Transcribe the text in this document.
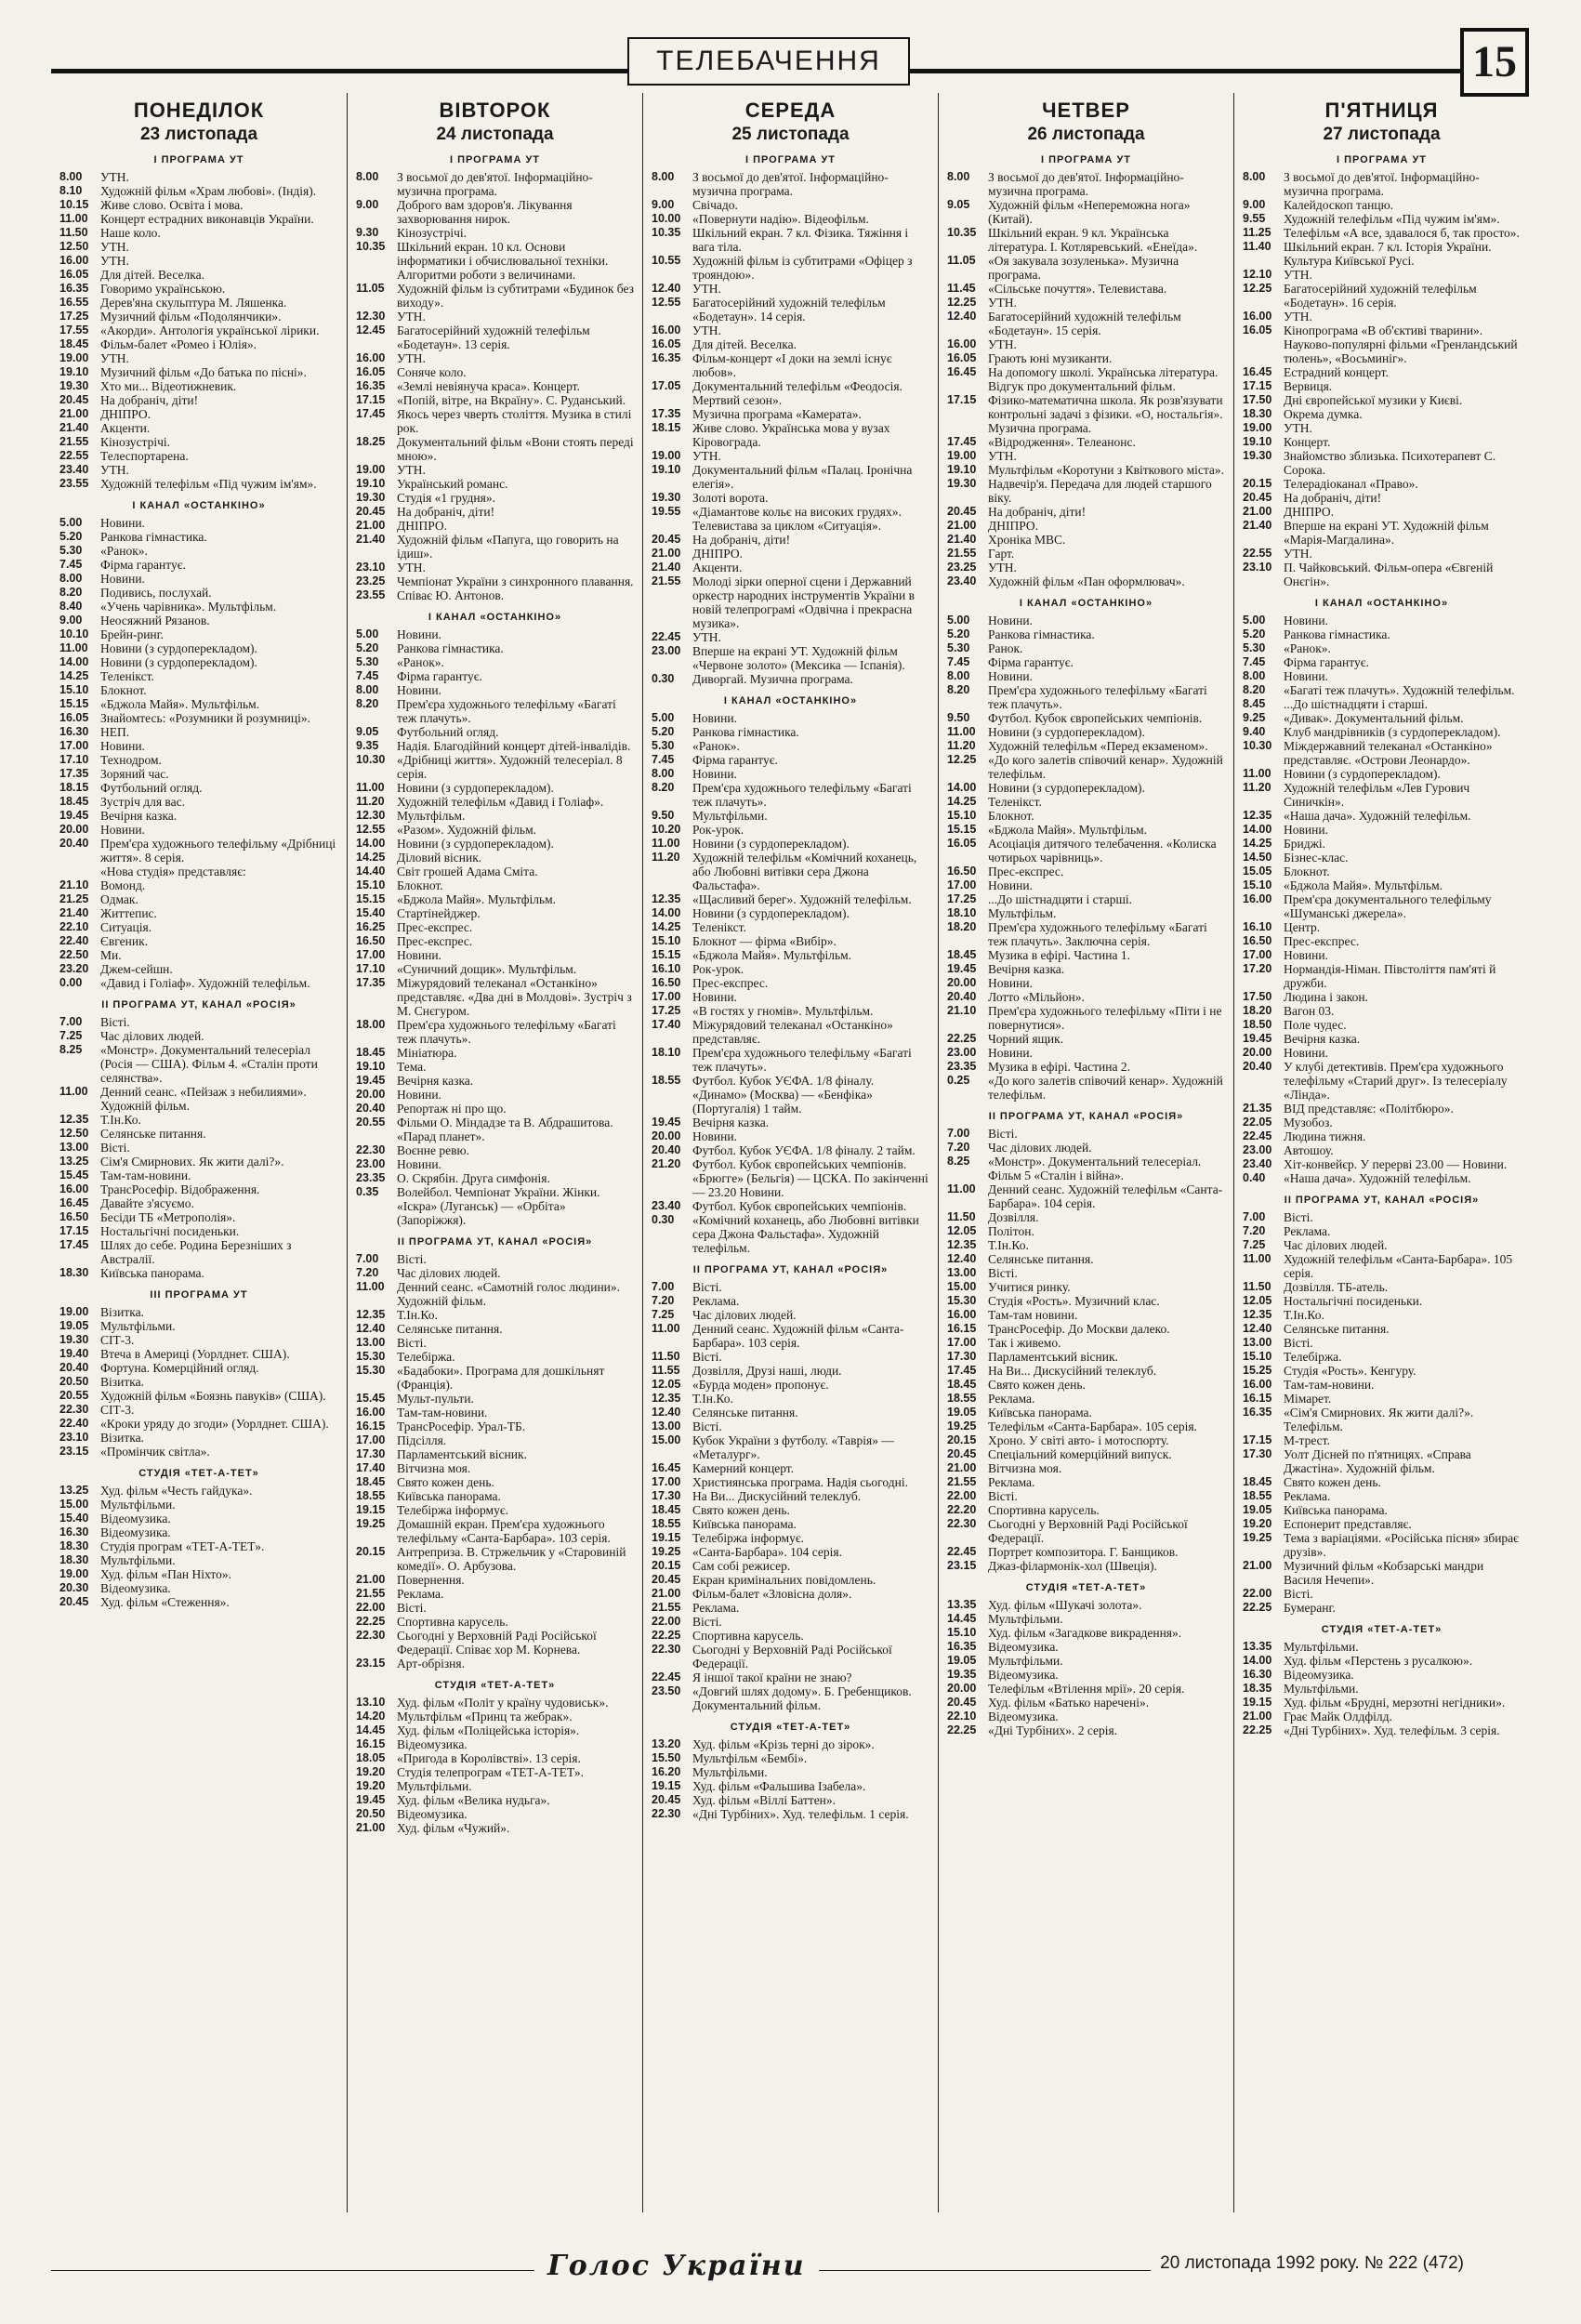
ТЕЛЕБАЧЕННЯ	15
ПОНЕДІЛОК
23 листопада
I ПРОГРАМА УТ
8.00	УТН.
8.10	Художній фільм «Храм любові». (Індія).
10.15 Живе слово. Освіта і мова.
11.00 Концерт естрадних виконавців України.
11.50 Наше коло.
12.50 УТН.
16.00 УТН.
16.05 Для дітей. Веселка.
16.35 Говоримо українською.
16.55 Дерев'яна скульптура М. Ляшенка.
17.25 Музичний фільм «Подолянчики».
17.55 «Акорди». Антологія української лірики.
18.45 Фільм-балет «Ромео і Юлія».
19.00 УТН.
19.10 Музичний фільм «До батька по пісні».
19.30 Хто ми... Відеотижневик.
20.45 На добраніч, діти!
21.00 ДНІПРО.
21.40 Акценти.
21.55 Кінозустрічі.
22.55 Телеспортарена.
23.40 УТН.
23.55 Художній телефільм «Під чужим ім'ям».
I КАНАЛ «ОСТАНКІНО»
5.00	Новини.
5.20	Ранкова гімнастика.
5.30	«Ранок».
7.45	Фірма гарантує.
8.00	Новини.
8.20	Подивись, послухай.
8.40	«Учень чарівника». Мультфільм.
9.00	Неосяжний Рязанов.
10.10 Брейн-ринг.
11.00 Новини (з сурдоперекладом).
14.00 Новини (з сурдоперекладом).
14.25 Теленікст.
15.10 Блокнот.
15.15 «Бджола Майя». Мультфільм.
16.05 Знайомтесь: «Розумники й розумниці».
16.30 НЕП.
17.00 Новини.
17.10 Технодром.
17.35 Зоряний час.
18.15 Футбольний огляд.
18.45 Зустріч для вас.
19.45 Вечірня казка.
20.00 Новини.
20.40 Прем'єра художнього телефільму «Дрібниці життя». 8 серія.
«Нова студія» представляє:
21.10 Вомонд.
21.25 Одмак.
21.40 Життепис.
22.10 Ситуація.
22.40 Євгеник.
22.50 Ми.
23.20 Джем-сейшн.
0.00	«Давид і Голіаф». Художній телефільм.
II ПРОГРАМА УТ, КАНАЛ «РОСІЯ»
7.00	Вісті.
7.25	Час ділових людей.
8.25	«Монстр». Документальний телесеріал (Росія — США). Фільм 4. «Сталін проти селянства».
11.00 Денний сеанс. «Пейзаж з небилиями». Художній фільм.
12.35 Т.Ін.Ко.
12.50 Селянське питання.
13.00 Вісті.
13.25 Сім'я Смирнових. Як жити далі?».
15.45 Там-там-новини.
16.00 ТрансРосефір. Відображення.
16.45 Давайте з'ясуємо.
16.50 Бесіди ТБ «Метрополія».
17.15 Ностальгічні посиденьки.
17.45 Шлях до себе. Родина Березніших з Австралії.
18.30 Київська панорама.
III ПРОГРАМА УТ
19.00 Візитка.
19.05 Мультфільми.
19.30 СІТ-3.
19.40 Втеча в Америці (Уорлднет. США).
20.40 Фортуна. Комерційний огляд.
20.50 Візитка.
20.55 Художній фільм «Боязнь павуків» (США).
22.30 СІТ-3.
22.40 «Кроки уряду до згоди» (Уорлднет. США).
23.10 Візитка.
23.15 «Промінчик світла».
СТУДІЯ «ТЕТ-А-ТЕТ»
13.25 Худ. фільм «Честь гайдука».
15.00 Мультфільми.
15.40 Відеомузика.
16.30 Відеомузика.
18.30 Студія програм «ТЕТ-А-ТЕТ».
18.30 Мультфільми.
19.00 Худ. фільм «Пан Ніхто».
20.30 Відеомузика.
20.45 Худ. фільм «Стеження».
ВІВТОРОК
24 листопада
I ПРОГРАМА УТ
8.00	З восьмої до дев'ятої. Інформаційно-музична програма.
9.00	Доброго вам здоров'я. Лікування захворювання нирок.
9.30	Кінозустрічі.
10.35 Шкільний екран. 10 кл. Основи інформатики і обчислювальної техніки. Алгоритми роботи з величинами.
11.05 Художній фільм із субтитрами «Будинок без виходу».
12.30 УТН.
12.45 Багатосерійний художній телефільм «Бодетаун». 13 серія.
16.00 УТН.
16.05 Соняче коло.
16.35 «Землі невіянуча краса». Концерт.
17.15 «Попій, вітре, на Вкраїну». С. Руданський.
17.45 Якось через чверть століття. Музика в стилі рок.
18.25 Документальний фільм «Вони стоять переді мною».
19.00 УТН.
19.10 Український романс.
19.30 Студія «1 грудня».
20.45 На добраніч, діти!
21.00 ДНІПРО.
21.40 Художній фільм «Папуга, що говорить на ідиш».
23.10 УТН.
23.25 Чемпіонат України з синхронного плавання.
23.55 Співає Ю. Антонов.
I КАНАЛ «ОСТАНКІНО»
5.00	Новини.
5.20	Ранкова гімнастика.
5.30	«Ранок».
7.45	Фірма гарантує.
8.00	Новини.
8.20	Прем'єра художнього телефільму «Багаті теж плачуть».
9.05	Футбольний огляд.
9.35	Надія. Благодійний концерт дітей-інвалідів.
10.30 «Дрібниці життя». Художній телесеріал. 8 серія.
11.00 Новини (з сурдоперекладом).
11.20 Художній телефільм «Давид і Голіаф».
12.30 Мультфільм.
12.55 «Разом». Художній фільм.
14.00 Новини (з сурдоперекладом).
14.25 Діловий вісник.
14.40 Світ грошей Адама Сміта.
15.10 Блокнот.
15.15 «Бджола Майя». Мультфільм.
15.40 Стартінейджер.
16.25 Прес-експрес.
16.50 Прес-експрес.
17.00 Новини.
17.10 «Суничний дощик». Мультфільм.
17.35 Міжурядовий телеканал «Останкіно» представляє. «Два дні в Молдові». Зустріч з М. Снєгуром.
18.00 Прем'єра художнього телефільму «Багаті теж плачуть».
18.45 Мініатюра.
19.10 Тема.
19.45 Вечірня казка.
20.00 Новини.
20.40 Репортаж ні про що.
20.55 Фільми О. Міндадзе та В. Абдрашитова. «Парад планет».
22.30 Воєнне ревю.
23.00 Новини.
23.35 О. Скрябін. Друга симфонія.
0.35	Волейбол. Чемпіонат України. Жінки. «Іскра» (Луганськ) — «Орбіта» (Запоріжжя).
II ПРОГРАМА УТ, КАНАЛ «РОСІЯ»
7.00	Вісті.
7.20	Час ділових людей.
11.00 Денний сеанс. «Самотній голос людини». Художній фільм.
12.35 Т.Ін.Ко.
12.40 Селянське питання.
13.00 Вісті.
15.30 Телебіржа.
15.30 «Бадабоки». Програма для дошкільнят (Франція).
15.45 Мульт-пульти.
16.00 Там-там-новини.
16.15 ТрансРосефір. Урал-ТБ.
17.00 Підсілля.
17.30 Парламентський вісник.
17.40 Вітчизна моя.
18.45 Свято кожен день.
18.55 Київська панорама.
19.15 Телебіржа інформує.
19.25 Домашній екран. Прем'єра художнього телефільму «Санта-Барбара». 103 серія.
20.15 Антреприза. В. Стржельчик у «Старовиній комедії». О. Арбузова.
21.00 Повернення.
21.55 Реклама.
22.00 Вісті.
22.25 Спортивна карусель.
22.30 Сьогодні у Верховній Раді Російської Федерації. Співає хор М. Корнева.
23.15 Арт-обрізня.
СТУДІЯ «ТЕТ-А-ТЕТ»
13.10 Худ. фільм «Політ у країну чудовиськ».
14.20 Мультфільм «Принц та жебрак».
14.45 Худ. фільм «Поліцейська історія».
16.15 Відеомузика.
18.05 «Пригода в Королівстві». 13 серія.
19.20 Студія телепрограм «ТЕТ-А-ТЕТ».
19.20 Мультфільми.
19.45 Худ. фільм «Велика нудьга».
20.50 Відеомузика.
21.00 Худ. фільм «Чужий».
СЕРЕДА
25 листопада
I ПРОГРАМА УТ
8.00	З восьмої до дев'ятої. Інформаційно-музична програма.
9.00	Свічадо.
10.00 «Повернути надію». Відеофільм.
10.35 Шкільний екран. 7 кл. Фізика. Тяжіння і вага тіла.
10.55 Художній фільм із субтитрами «Офіцер з трояндою».
12.40 УТН.
12.55 Багатосерійний художній телефільм «Бодетаун». 14 серія.
16.00 УТН.
16.05 Для дітей. Веселка.
16.35 Фільм-концерт «І доки на землі існує любов».
17.05 Документальний телефільм «Феодосія. Мертвий сезон».
17.35 Музична програма «Камерата».
18.15 Живе слово. Українська мова у вузах Кіровограда.
19.00 УТН.
19.10 Документальний фільм «Палац. Іронічна елегія».
19.30 Золоті ворота.
19.55 «Діамантове кольє на високих грудях». Телевистава за циклом «Ситуація».
20.45 На добраніч, діти!
21.00 ДНІПРО.
21.40 Акценти.
21.55 Молоді зірки оперної сцени і Державний оркестр народних інструментів України в новій телепрограмі «Одвічна і прекрасна музика».
22.45 УТН.
23.00 Вперше на екрані УТ. Художній фільм «Червоне золото» (Мексика — Іспанія).
0.30	Диворгай. Музична програма.
I КАНАЛ «ОСТАНКІНО»
5.00	Новини.
5.20	Ранкова гімнастика.
5.30	«Ранок».
7.45	Фірма гарантує.
8.00	Новини.
8.20	Прем'єра художнього телефільму «Багаті теж плачуть».
9.50	Мультфільми.
10.20 Рок-урок.
11.00 Новини (з сурдоперекладом).
11.20 Художній телефільм «Комічний коханець, або Любовні витівки сера Джона Фальстафа».
12.35 «Щасливий берег». Художній телефільм.
14.00 Новини (з сурдоперекладом).
14.25 Теленікст.
15.10 Блокнот — фірма «Вибір».
15.15 «Бджола Майя». Мультфільм.
16.10 Рок-урок.
16.50 Прес-експрес.
17.00 Новини.
17.25 «В гостях у гномів». Мультфільм.
17.40 Міжурядовий телеканал «Останкіно» представляє.
18.10 Прем'єра художнього телефільму «Багаті теж плачуть».
18.55 Футбол. Кубок УЄФА. 1/8 фіналу. «Динамо» (Москва) — «Бенфіка» (Португалія) 1 тайм.
19.45 Вечірня казка.
20.00 Новини.
20.40 Футбол. Кубок УЄФА. 1/8 фіналу. 2 тайм.
21.20 Футбол. Кубок європейських чемпіонів. «Брюгге» (Бельгія) — ЦСКА. По закінченні — 23.20 Новини.
23.40 Футбол. Кубок європейських чемпіонів.
0.30	«Комічний коханець, або Любовні витівки сера Джона Фальстафа». Художній телефільм.
II ПРОГРАМА УТ, КАНАЛ «РОСІЯ»
7.00	Вісті.
7.20	Реклама.
7.25	Час ділових людей.
11.00 Денний сеанс. Художній фільм «Санта-Барбара». 103 серія.
11.50 Вісті.
11.55 Дозвілля, Друзі наші, люди.
12.05 «Бурда моден» пропонує.
12.35 Т.Ін.Ко.
12.40 Селянське питання.
13.00 Вісті.
15.00 Кубок України з футболу. «Таврія» — «Металург».
16.45 Камерний концерт.
17.00 Християнська програма. Надія сьогодні.
17.30 На Ви... Дискусійний телеклуб.
18.45 Свято кожен день.
18.55 Київська панорама.
19.15 Телебіржа інформує.
19.25 «Санта-Барбара». 104 серія.
20.15 Сам собі режисер.
20.45 Екран кримінальних повідомлень.
21.00 Фільм-балет «Зловісна доля».
21.55 Реклама.
22.00 Вісті.
22.25 Спортивна карусель.
22.30 Сьогодні у Верховній Раді Російської Федерації.
22.45 Я іншої такої країни не знаю?
23.50 «Довгий шлях додому». Б. Гребенщиков. Документальний фільм.
СТУДІЯ «ТЕТ-А-ТЕТ»
13.20 Худ. фільм «Крізь терні до зірок».
15.50 Мультфільм «Бембі».
16.20 Мультфільми.
19.15 Худ. фільм «Фальшива Ізабела».
20.45 Худ. фільм «Віллі Баттен».
22.30 «Дні Турбіних». Худ. телефільм. 1 серія.
ЧЕТВЕР
26 листопада
I ПРОГРАМА УТ
8.00	З восьмої до дев'ятої. Інформаційно-музична програма.
9.05	Художній фільм «Непереможна нога» (Китай).
10.35 Шкільний екран. 9 кл. Українська література. І. Котляревський. «Енеїда».
11.05 «Оя закувала зозуленька». Музична програма.
11.45 «Сільське почуття». Телевистава.
12.25 УТН.
12.40 Багатосерійний художній телефільм «Бодетаун». 15 серія.
16.00 УТН.
16.05 Грають юні музиканти.
16.45 На допомогу школі. Українська література. Відгук про документальний фільм.
17.15 Фізико-математична школа. Як розв'язувати контрольні задачі з фізики. «О, ностальгія». Музична програма.
17.45 «Відродження». Телеанонс.
19.00 УТН.
19.10 Мультфільм «Коротуни з Квіткового міста».
19.30 Надвечір'я. Передача для людей старшого віку.
20.45 На добраніч, діти!
21.00 ДНІПРО.
21.40 Хроніка МВС.
21.55 Гарт.
23.25 УТН.
23.40 Художній фільм «Пан оформлювач».
I КАНАЛ «ОСТАНКІНО»
5.00	Новини.
5.20	Ранкова гімнастика.
5.30	Ранок.
7.45	Фірма гарантує.
8.00	Новини.
8.20	Прем'єра художнього телефільму «Багаті теж плачуть».
9.50	Футбол. Кубок європейських чемпіонів.
11.00 Новини (з сурдоперекладом).
11.20 Художній телефільм «Перед екзаменом».
12.25 «До кого залетів співочий кенар». Художній телефільм.
14.00 Новини (з сурдоперекладом).
14.25 Теленікст.
15.10 Блокнот.
15.15 «Бджола Майя». Мультфільм.
16.05 Асоціація дитячого телебачення. «Колиска чотирьох чарівниць».
16.50 Прес-експрес.
17.00 Новини.
17.25 ...До шістнадцяти і старші.
18.10 Мультфільм.
18.20 Прем'єра художнього телефільму «Багаті теж плачуть». Заключна серія.
18.45 Музика в ефірі. Частина 1.
19.45 Вечірня казка.
20.00 Новини.
20.40 Лотто «Мільйон».
21.10 Прем'єра художнього телефільму «Піти і не повернутися».
22.25 Чорний ящик.
23.00 Новини.
23.35 Музика в ефірі. Частина 2.
0.25	«До кого залетів співочий кенар». Художній телефільм.
II ПРОГРАМА УТ, КАНАЛ «РОСІЯ»
7.00	Вісті.
7.20	Час ділових людей.
8.25	«Монстр». Документальний телесеріал. Фільм 5 «Сталін і війна».
11.00 Денний сеанс. Художній телефільм «Санта-Барбара». 104 серія.
11.50 Дозвілля.
12.05 Політон.
12.35 Т.Ін.Ко.
12.40 Селянське питання.
13.00 Вісті.
15.00 Учитися ринку.
15.30 Студія «Рость». Музичний клас.
16.00 Там-там новини.
16.15 ТрансРосефір. До Москви далеко.
17.00 Так і живемо.
17.30 Парламентський вісник.
17.45 На Ви... Дискусійний телеклуб.
18.45 Свято кожен день.
18.55 Реклама.
19.05 Київська панорама.
19.25 Телефільм «Санта-Барбара». 105 серія.
20.15 Хроно. У світі авто- і мотоспорту.
20.45 Спеціальний комерційний випуск.
21.00 Вітчизна моя.
21.55 Реклама.
22.00 Вісті.
22.20 Спортивна карусель.
22.30 Сьогодні у Верховній Раді Російської Федерації.
22.45 Портрет композитора. Г. Банщиков.
23.15 Джаз-філармонік-хол (Швеція).
СТУДІЯ «ТЕТ-А-ТЕТ»
13.35 Худ. фільм «Шукачі золота».
14.45 Мультфільми.
15.10 Худ. фільм «Загадкове викрадення».
16.35 Відеомузика.
19.05 Мультфільми.
19.35 Відеомузика.
20.00 Телефільм «Втілення мрії». 20 серія.
20.45 Худ. фільм «Батько наречені».
22.10 Відеомузика.
22.25 «Дні Турбіних». 2 серія.
П'ЯТНИЦЯ
27 листопада
I ПРОГРАМА УТ
8.00	З восьмої до дев'ятої. Інформаційно-музична програма.
9.00	Калейдоскоп танцю.
9.55	Художній телефільм «Під чужим ім'ям».
11.25 Телефільм «А все, здавалося б, так просто».
11.40 Шкільний екран. 7 кл. Історія України. Культура Київської Русі.
12.10 УТН.
12.25 Багатосерійний художній телефільм «Бодетаун». 16 серія.
16.00 УТН.
16.05 Кінопрограма «В об'єктиві тварини». Науково-популярні фільми «Гренландський тюлень», «Восьминіг».
16.45 Естрадний концерт.
17.15 Вервиця.
17.50 Дні європейської музики у Києві.
18.30 Окрема думка.
19.00 УТН.
19.10 Концерт.
19.30 Знайомство зблизька. Психотерапевт С. Сорока.
20.15 Телерадіоканал «Право».
20.45 На добраніч, діти!
21.00 ДНІПРО.
21.40 Вперше на екрані УТ. Художній фільм «Марія-Магдалина».
22.55 УТН.
23.10 П. Чайковський. Фільм-опера «Євгеній Онєгін».
I КАНАЛ «ОСТАНКІНО»
5.00	Новини.
5.20	Ранкова гімнастика.
5.30	«Ранок».
7.45	Фірма гарантує.
8.00	Новини.
8.20	«Багаті теж плачуть». Художній телефільм.
8.45	...До шістнадцяти і старші.
9.25	«Дивак». Документальний фільм.
9.40	Клуб мандрівників (з сурдоперекладом).
10.30 Міждержавний телеканал «Останкіно» представляє. «Острови Леонардо».
11.00 Новини (з сурдоперекладом).
11.20 Художній телефільм «Лев Гурович Синичкін».
12.35 «Наша дача». Художній телефільм.
14.00 Новини.
14.25 Бриджі.
14.50 Бізнес-клас.
15.05 Блокнот.
15.10 «Бджола Майя». Мультфільм.
16.00 Прем'єра документального телефільму «Шуманські джерела».
16.10 Центр.
16.50 Прес-експрес.
17.00 Новини.
17.20 Нормандія-Німан. Півстоліття пам'яті й дружби.
17.50 Людина і закон.
18.20 Вагон 03.
18.50 Поле чудес.
19.45 Вечірня казка.
20.00 Новини.
20.40 У клубі детективів. Прем'єра художнього телефільму «Старий друг». Із телесеріалу «Лінда».
21.35 ВІД представляє: «Політбюро».
22.05 Музобоз.
22.45 Людина тижня.
23.00 Автошоу.
23.40 Хіт-конвейєр. У перерві 23.00 — Новини.
0.40	«Наша дача». Художній телефільм.
II ПРОГРАМА УТ, КАНАЛ «РОСІЯ»
7.00	Вісті.
7.20	Реклама.
7.25	Час ділових людей.
11.00 Художній телефільм «Санта-Барбара». 105 серія.
11.50 Дозвілля. ТБ-атель.
12.05 Ностальгічні посиденьки.
12.35 Т.Ін.Ко.
12.40 Селянське питання.
13.00 Вісті.
15.10 Телебіржа.
15.25 Студія «Рость». Кенгуру.
16.00 Там-там-новини.
16.15 Мімарет.
16.35 «Сім'я Смирнових. Як жити далі?». Телефільм.
17.15 М-трест.
17.30 Уолт Дісней по п'ятницях. «Справа Джастіна». Художній фільм.
18.45 Свято кожен день.
18.55 Реклама.
19.05 Київська панорама.
19.20 Еспонерит представляє.
19.25 Тема з варіаціями. «Російська пісня» збирає друзів».
21.00 Музичний фільм «Кобзарські мандри Василя Нечепи».
22.00 Вісті.
22.25 Бумеранг.
СТУДІЯ «ТЕТ-А-ТЕТ»
13.35 Мультфільми.
14.00 Худ. фільм «Перстень з русалкою».
16.30 Відеомузика.
18.35 Мультфільми.
19.15 Худ. фільм «Бруднi, мерзотні негідники».
21.00 Грає Майк Олдфілд.
22.25 «Дні Турбіних». Худ. телефільм. 3 серія.
Голос України	20 листопада 1992 року. № 222 (472)
